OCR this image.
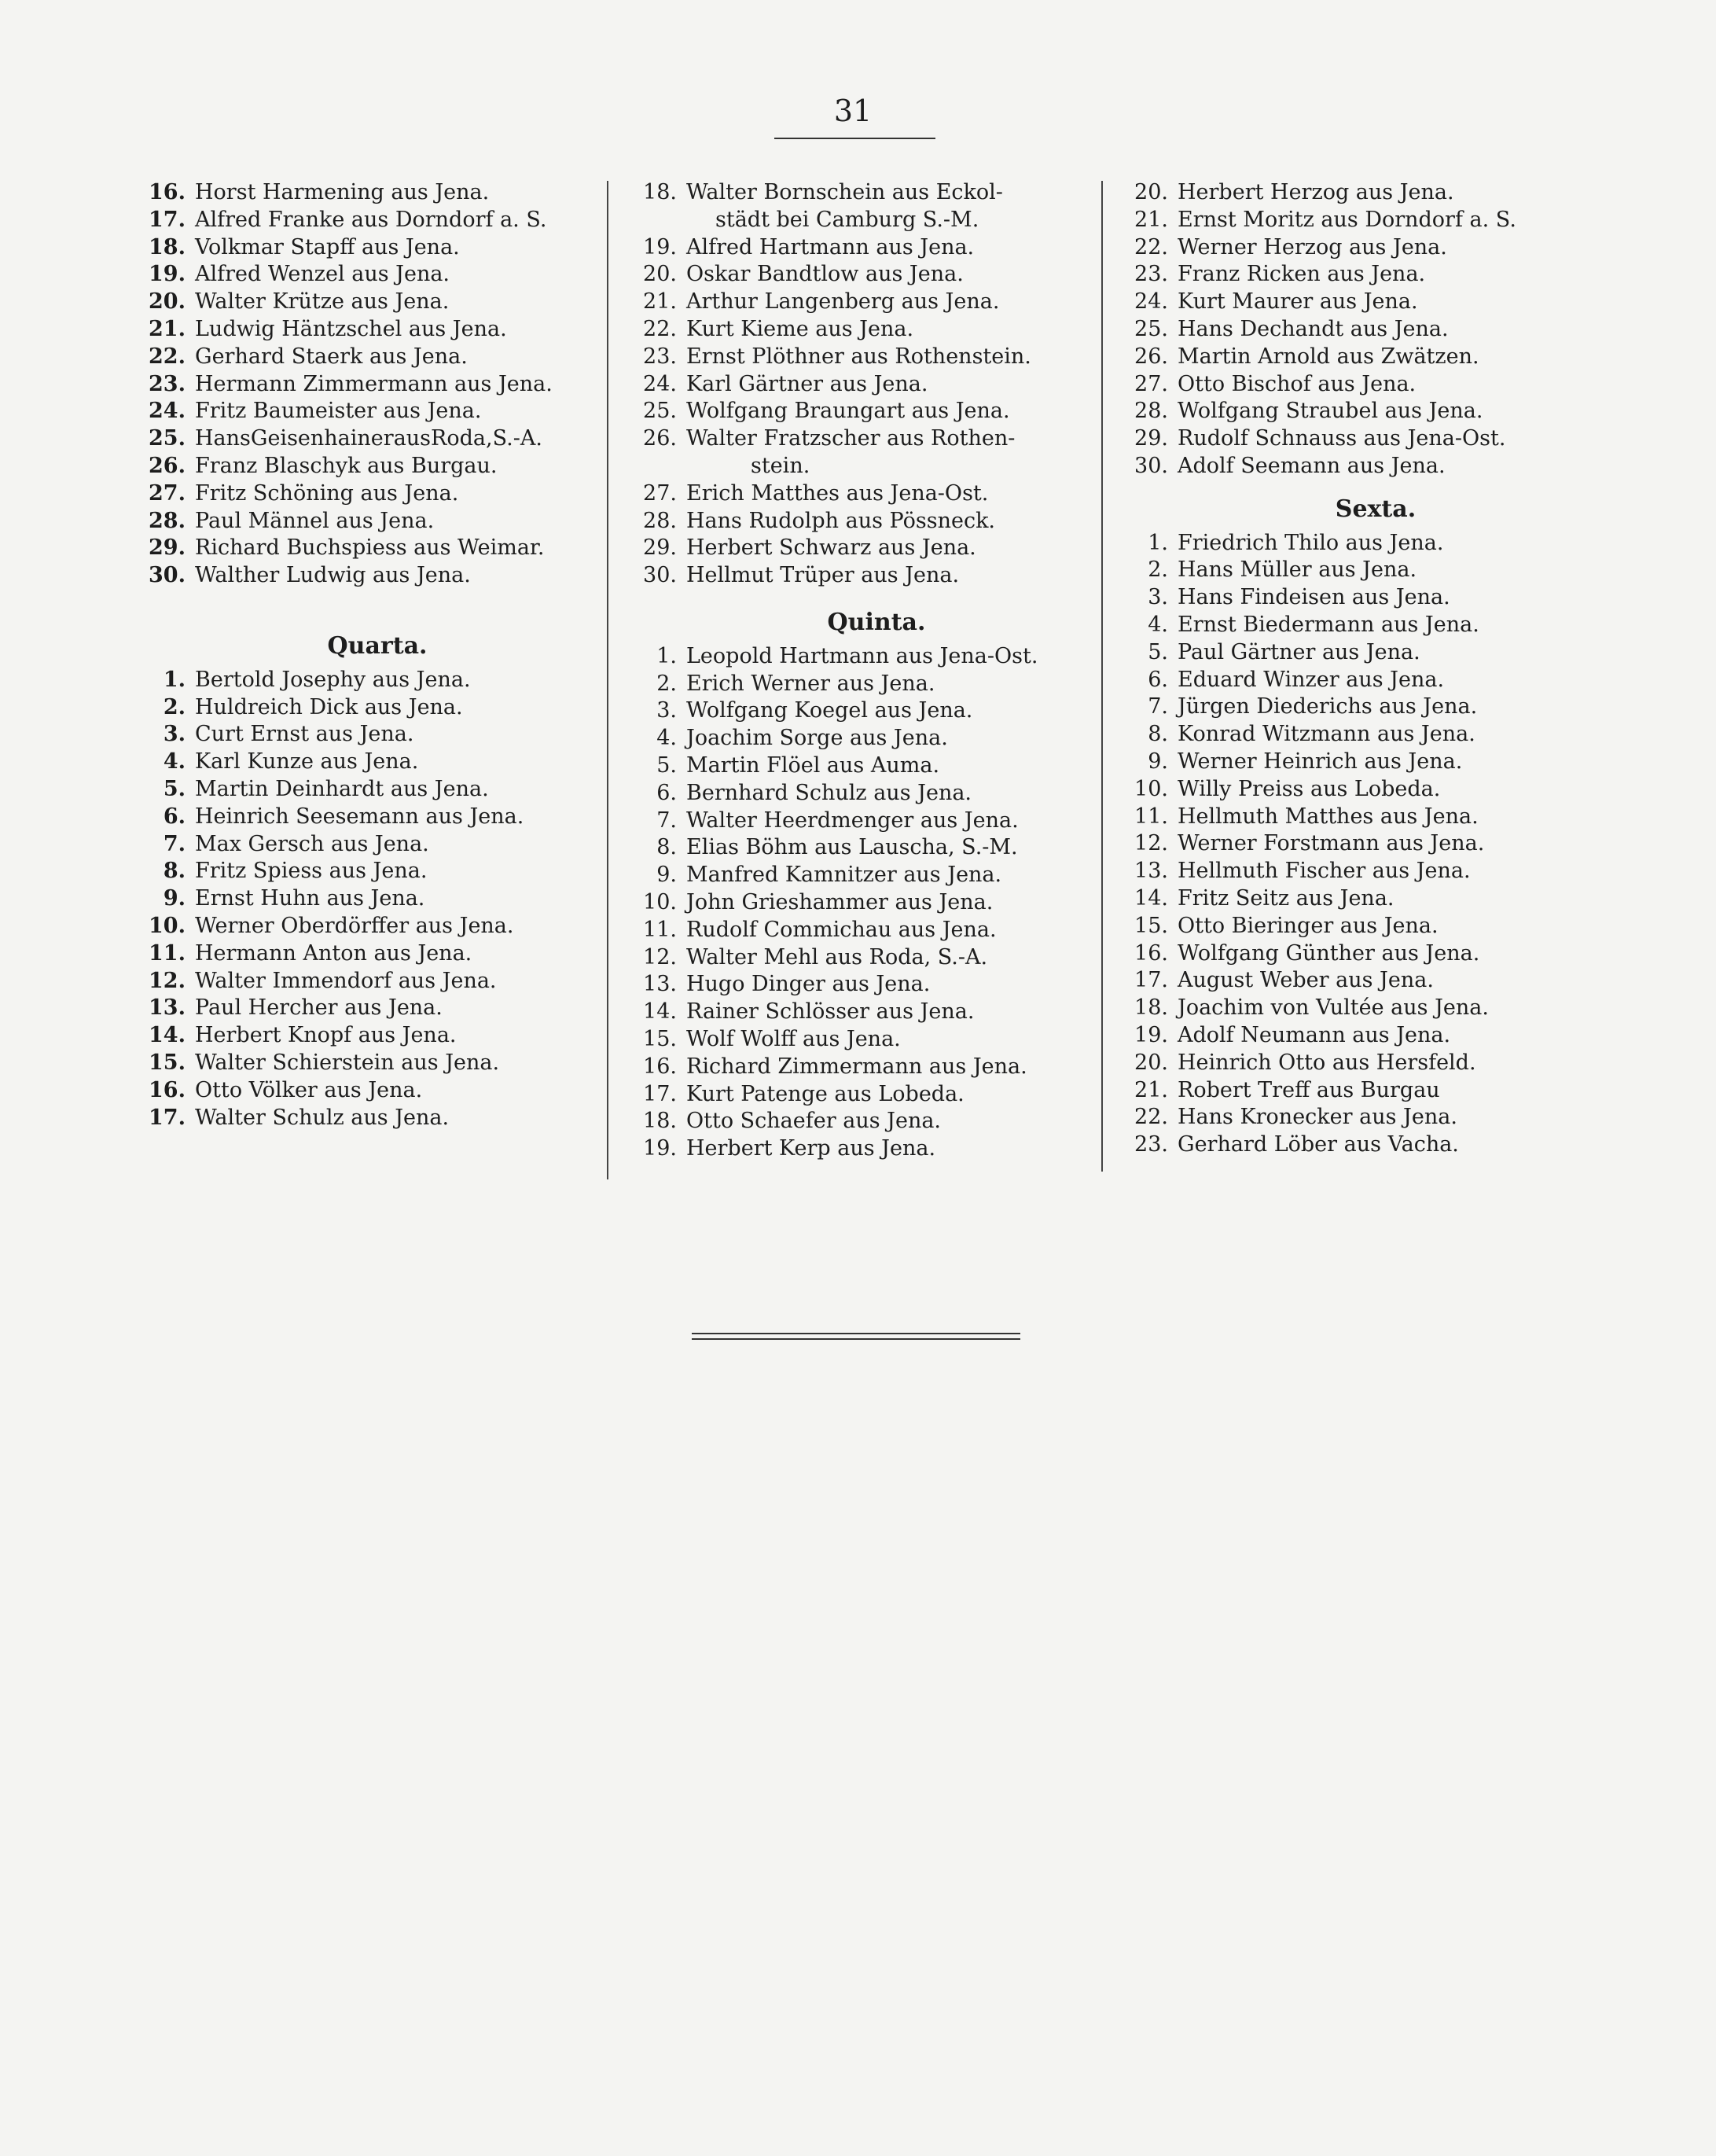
31
16. Horst Harmening aus Jena.
17. Alfred Franke aus Dorndorf a. S.
18. Volkmar Stapff aus Jena.
19. Alfred Wenzel aus Jena.
20. Walter Krütze aus Jena.
21. Ludwig Häntzschel aus Jena.
22. Gerhard Staerk aus Jena.
23. Hermann Zimmermann aus Jena.
24. Fritz Baumeister aus Jena.
25. HansGeisenhainerausRoda,S.-A.
26. Franz Blaschyk aus Burgau.
27. Fritz Schöning aus Jena.
28. Paul Männel aus Jena.
29. Richard Buchspiess aus Weimar.
30. Walther Ludwig aus Jena.
Quarta.
1. Bertold Josephy aus Jena.
2. Huldreich Dick aus Jena.
3. Curt Ernst aus Jena.
4. Karl Kunze aus Jena.
5. Martin Deinhardt aus Jena.
6. Heinrich Seesemann aus Jena.
7. Max Gersch aus Jena.
8. Fritz Spiess aus Jena.
9. Ernst Huhn aus Jena.
10. Werner Oberdörffer aus Jena.
11. Hermann Anton aus Jena.
12. Walter Immendorf aus Jena.
13. Paul Hercher aus Jena.
14. Herbert Knopf aus Jena.
15. Walter Schierstein aus Jena.
16. Otto Völker aus Jena.
17. Walter Schulz aus Jena.
18. Walter Bornschein aus Eckol-
städt bei Camburg S.-M.
19. Alfred Hartmann aus Jena.
20. Oskar Bandtlow aus Jena.
21. Arthur Langenberg aus Jena.
22. Kurt Kieme aus Jena.
23. Ernst Plöthner aus Rothenstein.
24. Karl Gärtner aus Jena.
25. Wolfgang Braungart aus Jena.
26. Walter Fratzscher aus Rothen-
stein.
27. Erich Matthes aus Jena-Ost.
28. Hans Rudolph aus Pössneck.
29. Herbert Schwarz aus Jena.
30. Hellmut Trüper aus Jena.
Quinta.
1. Leopold Hartmann aus Jena-Ost.
2. Erich Werner aus Jena.
3. Wolfgang Koegel aus Jena.
4. Joachim Sorge aus Jena.
5. Martin Flöel aus Auma.
6. Bernhard Schulz aus Jena.
7. Walter Heerdmenger aus Jena.
8. Elias Böhm aus Lauscha, S.-M.
9. Manfred Kamnitzer aus Jena.
10. John Grieshammer aus Jena.
11. Rudolf Commichau aus Jena.
12. Walter Mehl aus Roda, S.-A.
13. Hugo Dinger aus Jena.
14. Rainer Schlösser aus Jena.
15. Wolf Wolff aus Jena.
16. Richard Zimmermann aus Jena.
17. Kurt Patenge aus Lobeda.
18. Otto Schaefer aus Jena.
19. Herbert Kerp aus Jena.
20. Herbert Herzog aus Jena.
21. Ernst Moritz aus Dorndorf a. S.
22. Werner Herzog aus Jena.
23. Franz Ricken aus Jena.
24. Kurt Maurer aus Jena.
25. Hans Dechandt aus Jena.
26. Martin Arnold aus Zwätzen.
27. Otto Bischof aus Jena.
28. Wolfgang Straubel aus Jena.
29. Rudolf Schnauss aus Jena-Ost.
30. Adolf Seemann aus Jena.
Sexta.
1. Friedrich Thilo aus Jena.
2. Hans Müller aus Jena.
3. Hans Findeisen aus Jena.
4. Ernst Biedermann aus Jena.
5. Paul Gärtner aus Jena.
6. Eduard Winzer aus Jena.
7. Jürgen Diederichs aus Jena.
8. Konrad Witzmann aus Jena.
9. Werner Heinrich aus Jena.
10. Willy Preiss aus Lobeda.
11. Hellmuth Matthes aus Jena.
12. Werner Forstmann aus Jena.
13. Hellmuth Fischer aus Jena.
14. Fritz Seitz aus Jena.
15. Otto Bieringer aus Jena.
16. Wolfgang Günther aus Jena.
17. August Weber aus Jena.
18. Joachim von Vultée aus Jena.
19. Adolf Neumann aus Jena.
20. Heinrich Otto aus Hersfeld.
21. Robert Treff aus Burgau
22. Hans Kronecker aus Jena.
23. Gerhard Löber aus Vacha.
